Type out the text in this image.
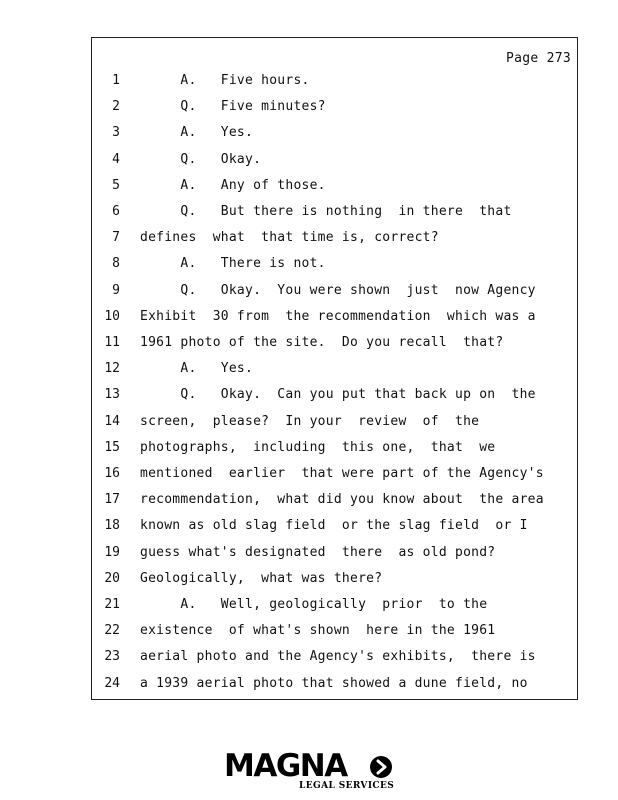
Page 273
1 A.   Five hours.
2 Q.   Five minutes?
3 A.   Yes.
4 Q.   Okay.
5 A.   Any of those.
6 Q.   But there is nothing  in there  that
7 defines  what  that time is, correct?
8 A.   There is not.
9 Q.   Okay.  You were shown  just  now Agency
10 Exhibit  30 from  the recommendation  which was a
11 1961 photo of the site.  Do you recall  that?
12 A.   Yes.
13 Q.   Okay.  Can you put that back up on  the
14 screen,  please?  In your  review  of  the
15 photographs,  including  this one,  that  we
16 mentioned  earlier  that were part of the Agency's
17 recommendation,  what did you know about  the area
18 known as old slag field  or the slag field  or I
19 guess what's designated  there  as old pond?
20 Geologically,  what was there?
21 A.   Well, geologically  prior  to the
22 existence  of what's shown  here in the 1961
23 aerial photo and the Agency's exhibits,  there is
24 a 1939 aerial photo that showed a dune field, no
MAGNA
LEGAL SERVICES
